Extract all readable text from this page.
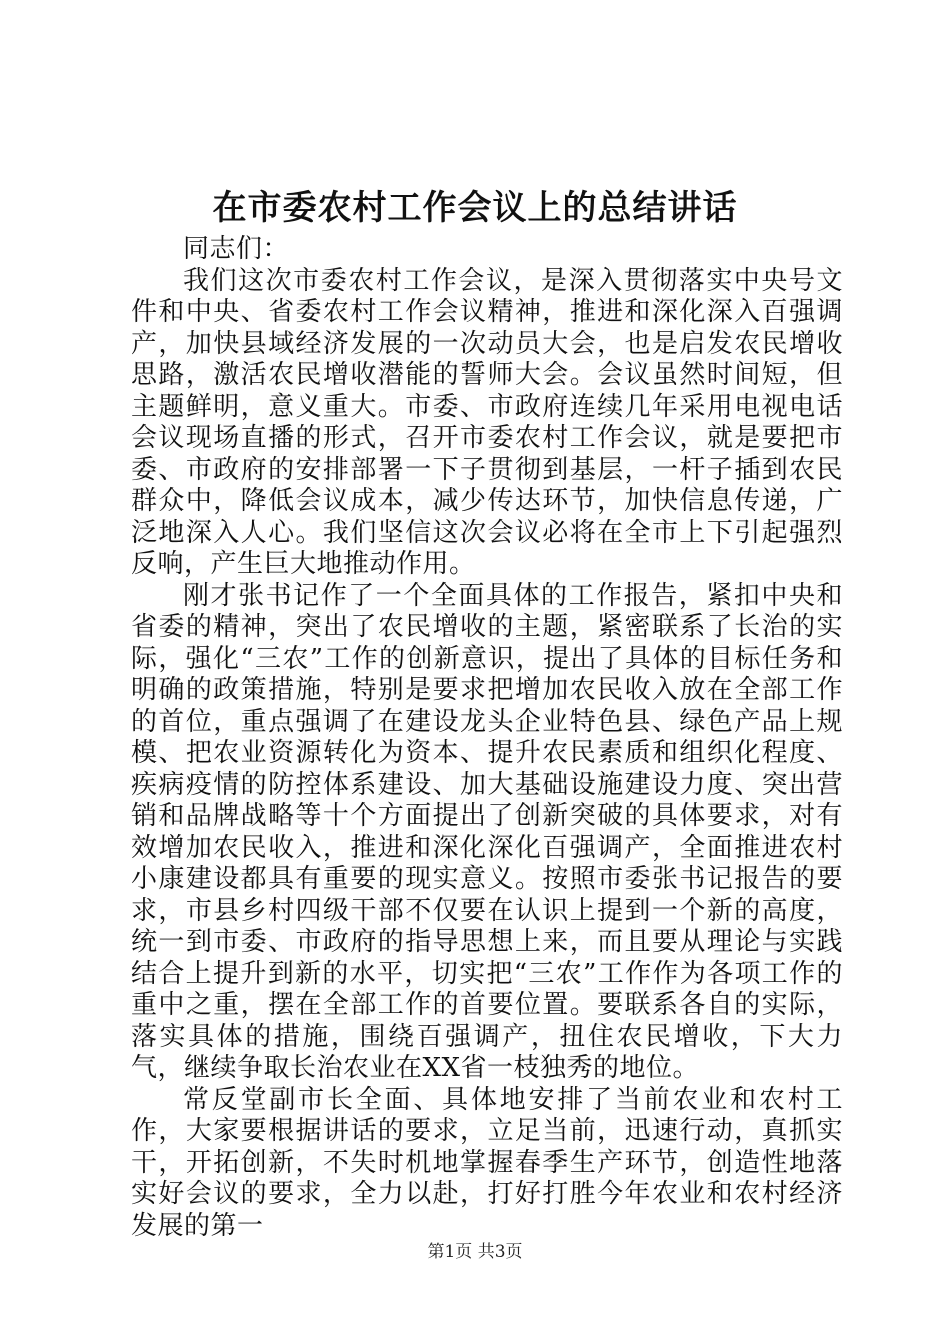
在市委农村工作会议上的总结讲话

同志们：

我们这次市委农村工作会议，是深入贯彻落实中央号文件和中央、省委农村工作会议精神，推进和深化深入百强调产，加快县域经济发展的一次动员大会，也是启发农民增收思路，激活农民增收潜能的誓师大会。会议虽然时间短，但主题鲜明，意义重大。市委、市政府连续几年采用电视电话会议现场直播的形式，召开市委农村工作会议，就是要把市委、市政府的安排部署一下子贯彻到基层，一杆子插到农民群众中，降低会议成本，减少传达环节，加快信息传递，广泛地深入人心。我们坚信这次会议必将在全市上下引起强烈反响，产生巨大地推动作用。

刚才张书记作了一个全面具体的工作报告，紧扣中央和省委的精神，突出了农民增收的主题，紧密联系了长治的实际，强化“三农”工作的创新意识，提出了具体的目标任务和明确的政策措施，特别是要求把增加农民收入放在全部工作的首位，重点强调了在建设龙头企业特色县、绿色产品上规模、把农业资源转化为资本、提升农民素质和组织化程度、疾病疫情的防控体系建设、加大基础设施建设力度、突出营销和品牌战略等十个方面提出了创新突破的具体要求，对有效增加农民收入，推进和深化深化百强调产，全面推进农村小康建设都具有重要的现实意义。按照市委张书记报告的要求，市县乡村四级干部不仅要在认识上提到一个新的高度，统一到市委、市政府的指导思想上来，而且要从理论与实践结合上提升到新的水平，切实把“三农”工作作为各项工作的重中之重，摆在全部工作的首要位置。要联系各自的实际，落实具体的措施，围绕百强调产，扭住农民增收，下大力气，继续争取长治农业在XX省一枝独秀的地位。

常反堂副市长全面、具体地安排了当前农业和农村工作，大家要根据讲话的要求，立足当前，迅速行动，真抓实干，开拓创新，不失时机地掌握春季生产环节，创造性地落实好会议的要求，全力以赴，打好打胜今年农业和农村经济发展的第一

第1页 共3页
